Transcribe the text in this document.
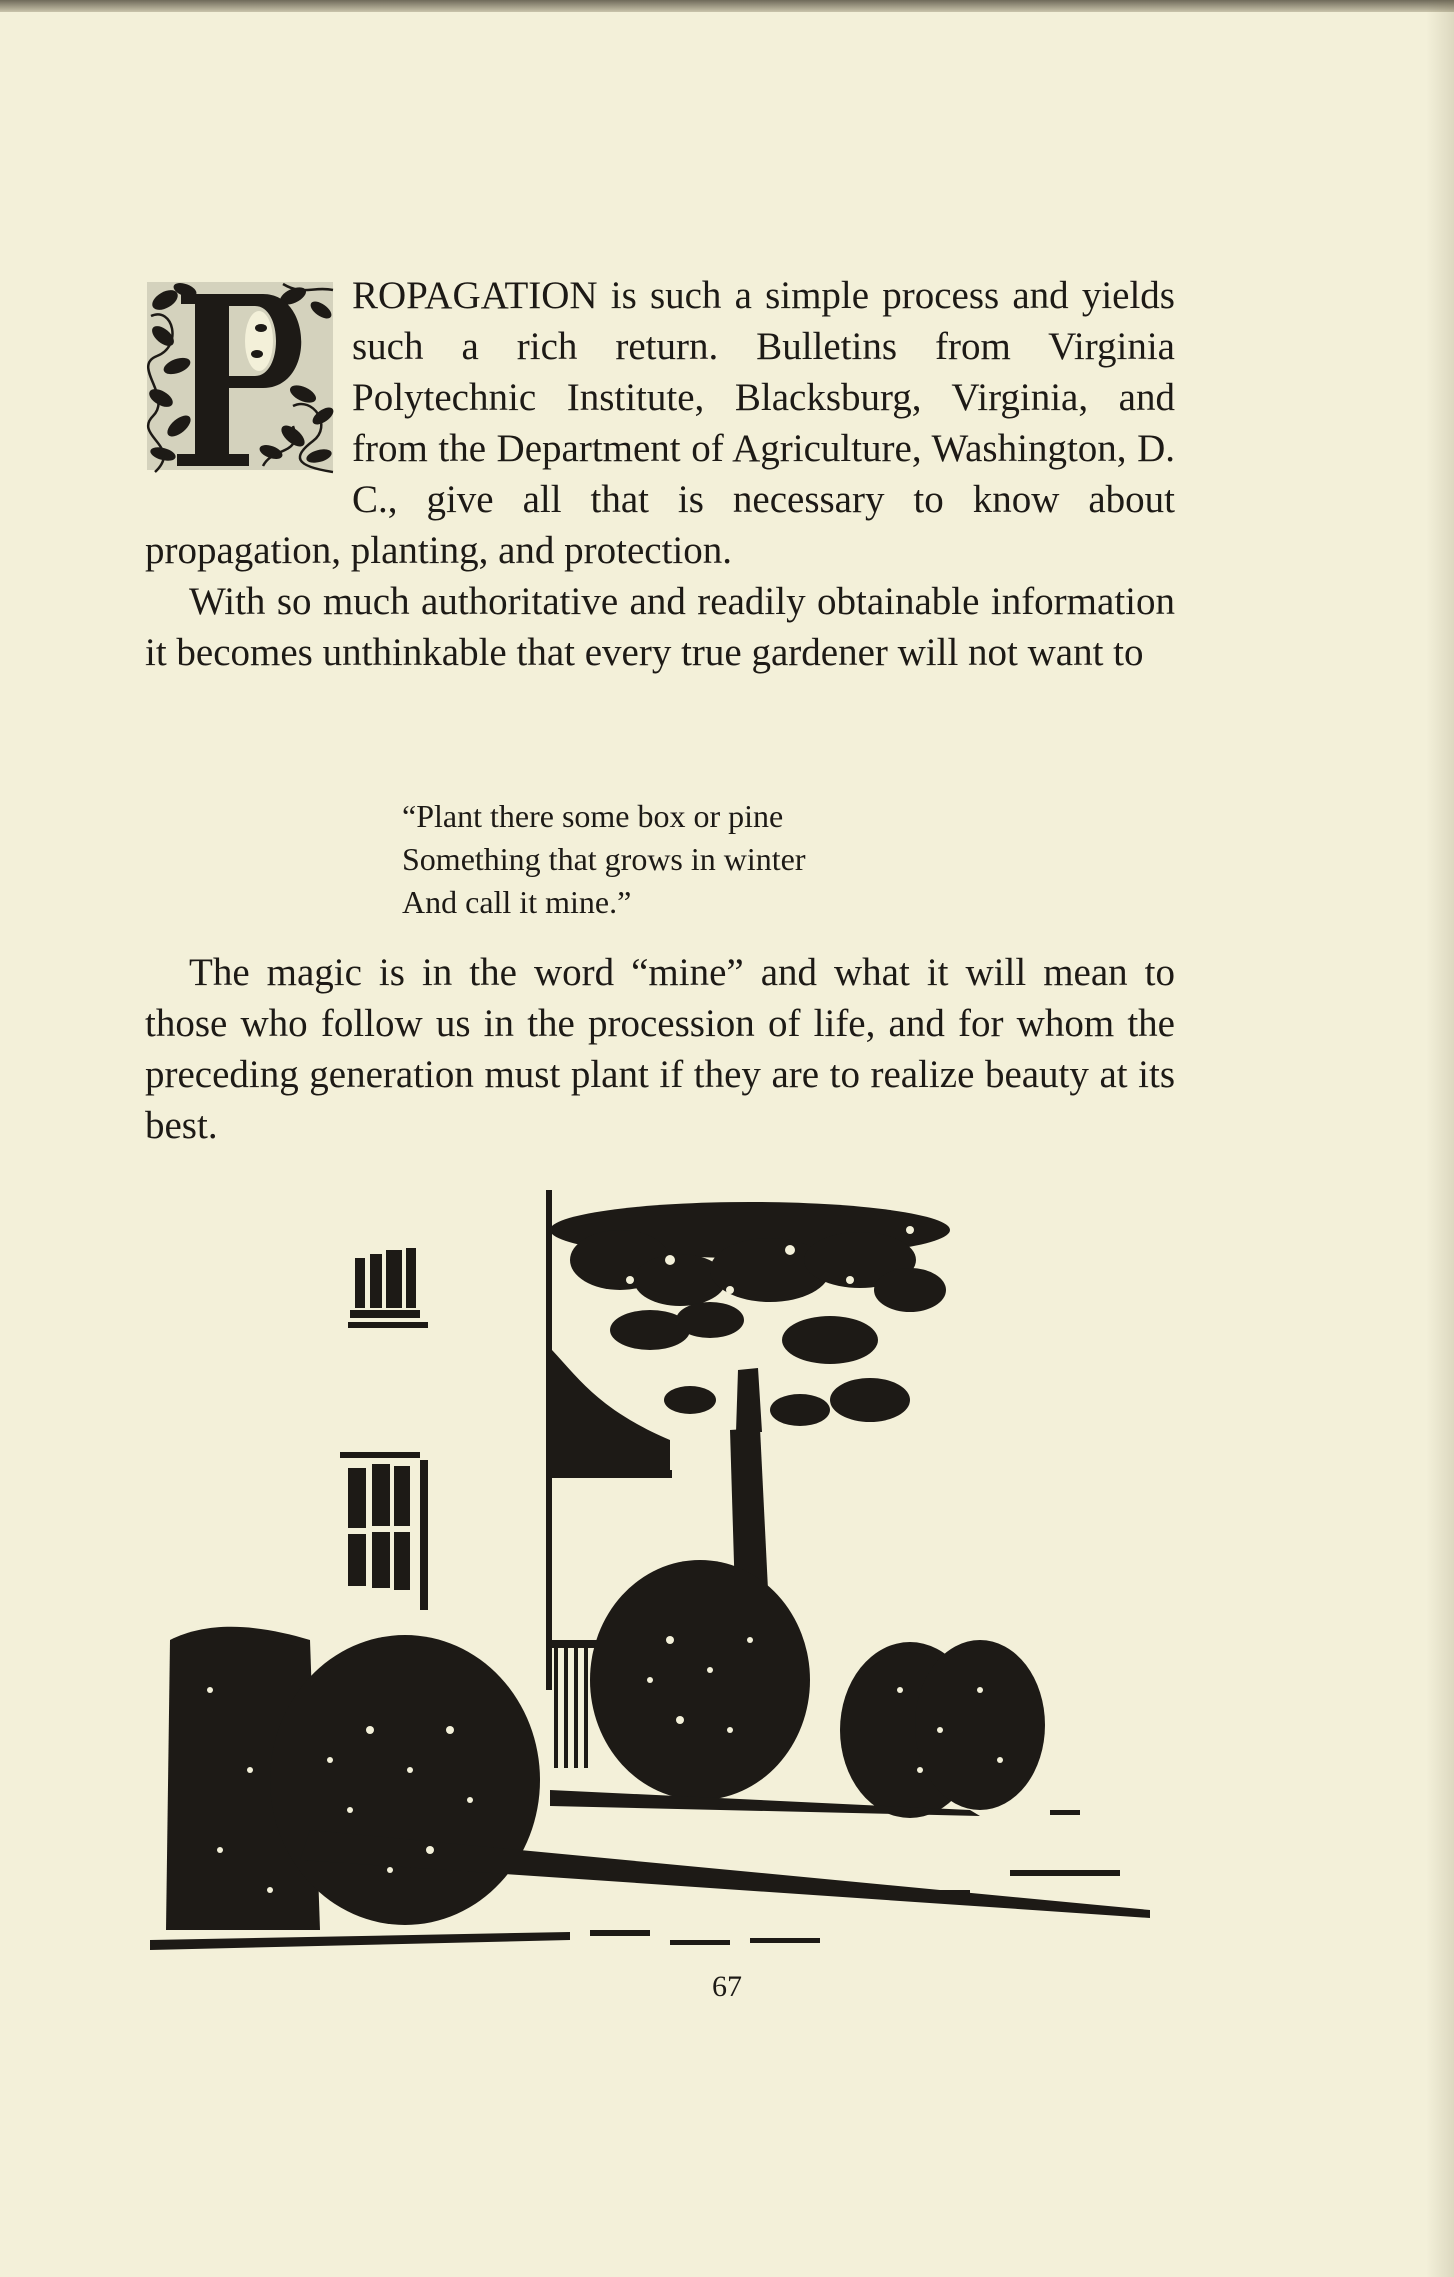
ROPAGATION is such a simple process and yields such a rich return. Bulletins from Virginia Polytechnic Institute, Blacksburg, Virginia, and from the Department of Agriculture, Washington, D. C., give all that is necessary to know about propagation, planting, and protection.

With so much authoritative and readily obtainable information it becomes unthinkable that every true gardener will not want to

“Plant there some box or pine
Something that grows in winter
And call it mine.”

The magic is in the word “mine” and what it will mean to those who follow us in the procession of life, and for whom the preceding generation must plant if they are to realize beauty at its best.

67
